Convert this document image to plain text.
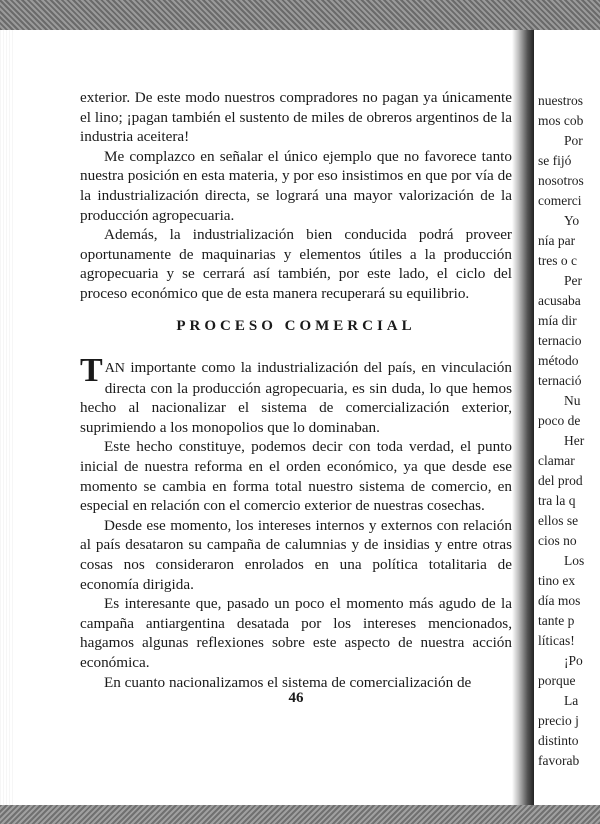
exterior. De este modo nuestros compradores no pagan ya únicamente el lino; ¡pagan también el sustento de miles de obreros argentinos de la industria aceitera!

Me complazco en señalar el único ejemplo que no favorece tanto nuestra posición en esta materia, y por eso insistimos en que por vía de la industrialización directa, se logrará una mayor valorización de la producción agropecuaria.

Además, la industrialización bien conducida podrá proveer oportunamente de maquinarias y elementos útiles a la producción agropecuaria y se cerrará así también, por este lado, el ciclo del proceso económico que de esta manera recuperará su equilibrio.

PROCESO COMERCIAL

TAN importante como la industrialización del país, en vinculación directa con la producción agropecuaria, es sin duda, lo que hemos hecho al nacionalizar el sistema de comercialización exterior, suprimiendo a los monopolios que lo dominaban.

Este hecho constituye, podemos decir con toda verdad, el punto inicial de nuestra reforma en el orden económico, ya que desde ese momento se cambia en forma total nuestro sistema de comercio, en especial en relación con el comercio exterior de nuestras cosechas.

Desde ese momento, los intereses internos y externos con relación al país desataron su campaña de calumnias y de insidias y entre otras cosas nos consideraron enrolados en una política totalitaria de economía dirigida.

Es interesante que, pasado un poco el momento más agudo de la campaña antiargentina desatada por los intereses mencionados, hagamos algunas reflexiones sobre este aspecto de nuestra acción económica.

En cuanto nacionalizamos el sistema de comercialización de

46
nuestros
mos cob
Por
se fijó
nosotros
comerci
Yo
nía par
tres o c
Per
acusaba
mía dir
ternacio
método
ternació
Nu
poco de
Her
clamar
del prod
tra la q
ellos se
cios no
Los
tino ex
día mos
tante p
líticas!
¡Po
porque
La
precio j
distinto
favorab
